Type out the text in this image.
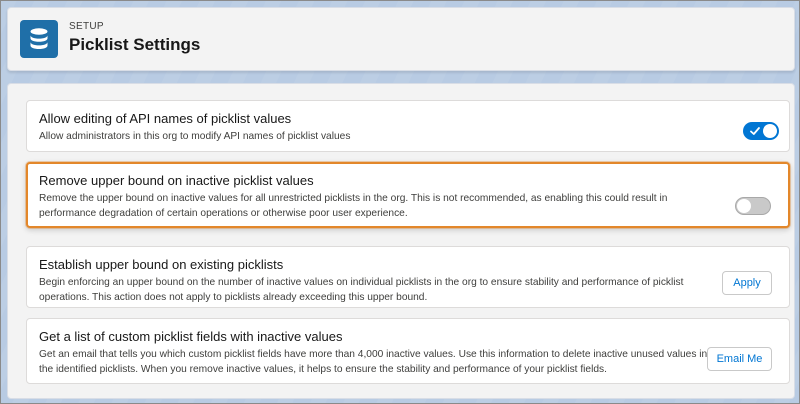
SETUP
Picklist Settings
Allow editing of API names of picklist values
Allow administrators in this org to modify API names of picklist values
Remove upper bound on inactive picklist values
Remove the upper bound on inactive values for all unrestricted picklists in the org. This is not recommended, as enabling this could result in performance degradation of certain operations or otherwise poor user experience.
Establish upper bound on existing picklists
Begin enforcing an upper bound on the number of inactive values on individual picklists in the org to ensure stability and performance of picklist operations. This action does not apply to picklists already exceeding this upper bound.
Apply
Get a list of custom picklist fields with inactive values
Get an email that tells you which custom picklist fields have more than 4,000 inactive values. Use this information to delete inactive unused values in the identified picklists. When you remove inactive values, it helps to ensure the stability and performance of your picklist fields.
Email Me
